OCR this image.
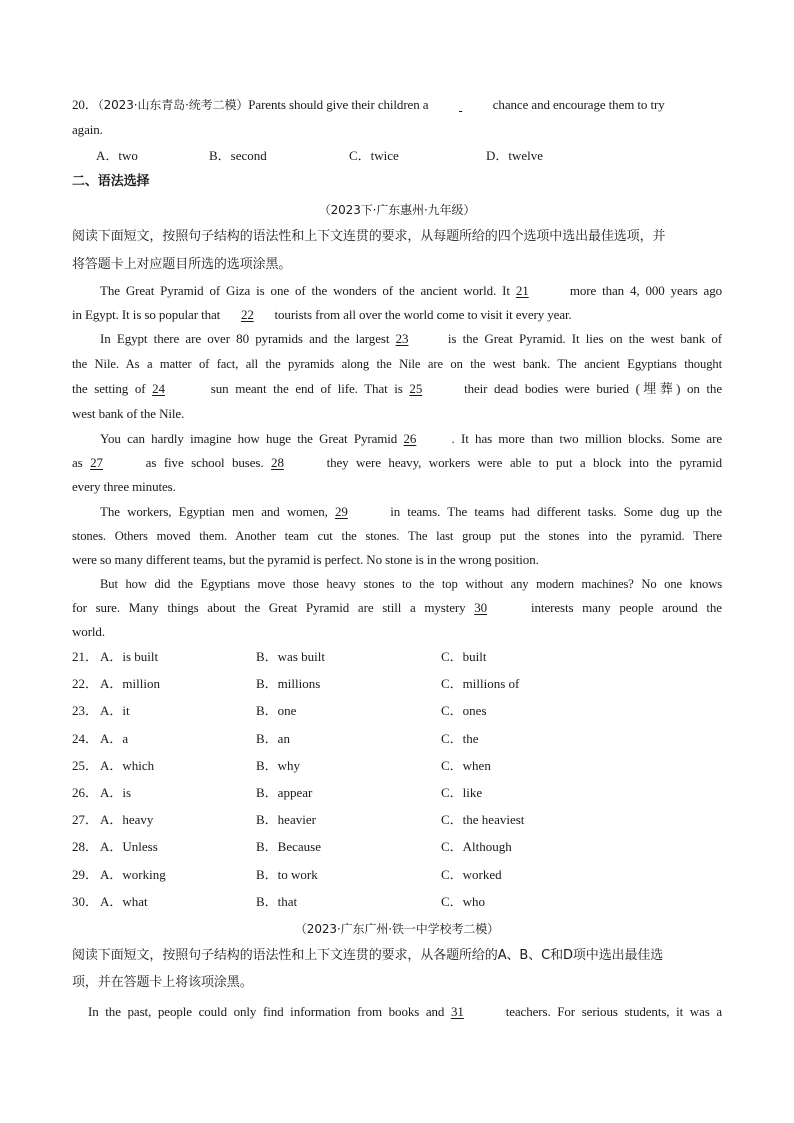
20．（2023·山东青岛·统考二模）Parents should give their children a	chance and encourage them to try
again.
A．two	B．second	C．twice	D．twelve
二、语法选择
（2023下·广东惠州·九年级）
阅读下面短文，按照句子结构的语法性和上下文连贯的要求，从每题所给的四个选项中选出最佳选项，并
将答题卡上对应题目所选的选项涂黑。
The Great Pyramid of Giza is one of the wonders of the ancient world. It 21	more than 4, 000 years ago
in Egypt. It is so popular that 22 tourists from all over the world come to visit it every year.
In Egypt there are over 80 pyramids and the largest 23	is the Great Pyramid. It lies on the west bank of
the Nile. As a matter of fact, all the pyramids along the Nile are on the west bank. The ancient Egyptians thought
the setting of 24	sun meant the end of life. That is 25	their dead bodies were buried (埋葬) on the
west bank of the Nile.
You can hardly imagine how huge the Great Pyramid 26	. It has more than two million blocks. Some are
as 27	as five school buses. 28	they were heavy, workers were able to put a block into the pyramid
every three minutes.
The workers, Egyptian men and women, 29	in teams. The teams had different tasks. Some dug up the
stones. Others moved them. Another team cut the stones. The last group put the stones into the pyramid. There
were so many different teams, but the pyramid is perfect. No stone is in the wrong position.
But how did the Egyptians move those heavy stones to the top without any modern machines? No one knows
for sure. Many things about the Great Pyramid are still a mystery 30	interests many people around the
world.
21． A．is built	B．was built	C．built
22． A．million	B．millions	C．millions of
23． A．it	B．one	C．ones
24． A．a	B．an	C．the
25． A．which	B．why	C．when
26． A．is	B．appear	C．like
27． A．heavy	B．heavier	C．the heaviest
28． A．Unless	B．Because	C．Although
29． A．working	B．to work	C．worked
30． A．what	B．that	C．who
（2023·广东广州·铁一中学校考二模）
阅读下面短文，按照句子结构的语法性和上下文连贯的要求，从各题所给的A、B、C和D项中选出最佳选
项，并在答题卡上将该项涂黑。
In the past, people could only find information from books and 31	teachers. For serious students, it was a
